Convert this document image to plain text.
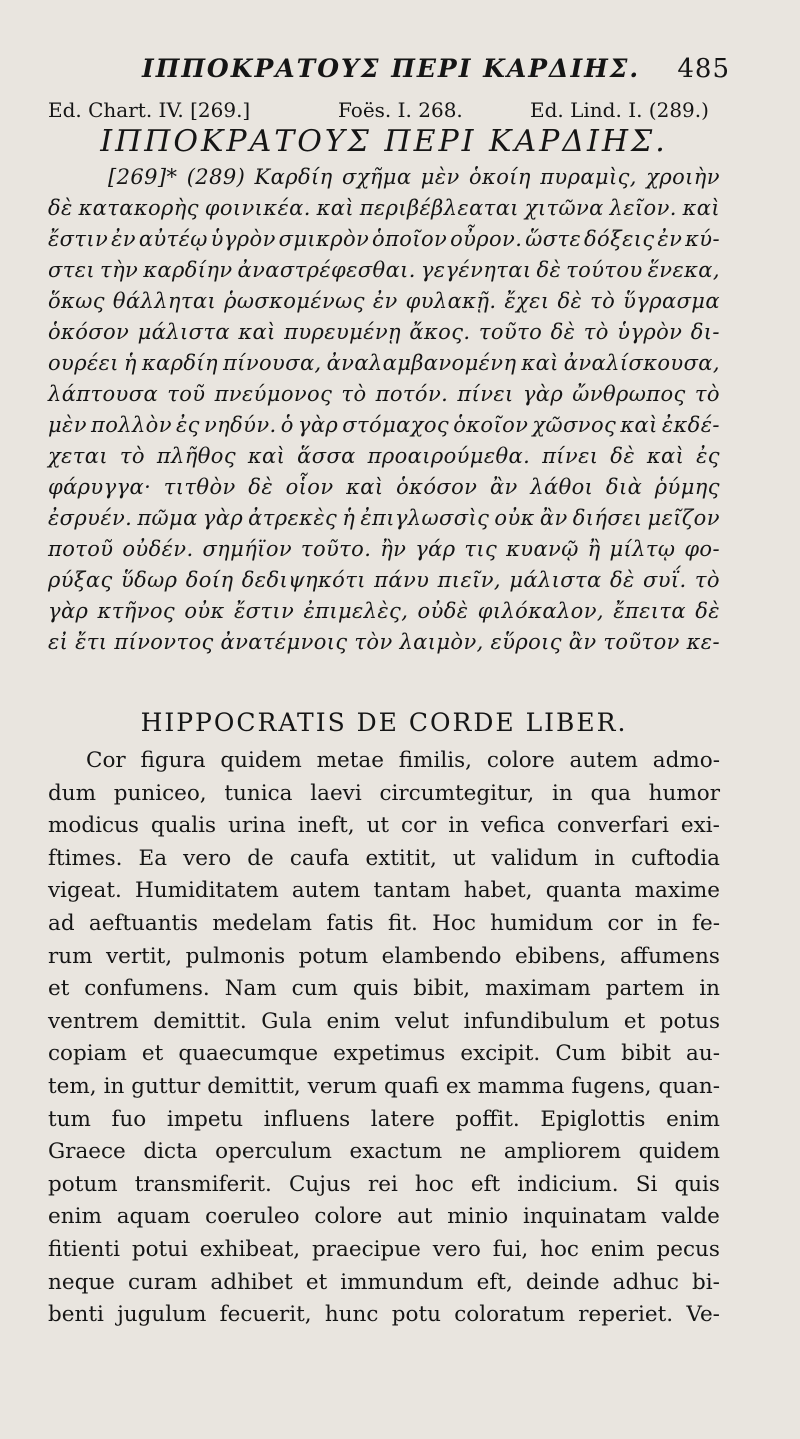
ΙΠΠΟΚΡΑΤΟΥΣ ΠΕΡΙ ΚΑΡΔΙΗΣ. 485
Ed. Chart. IV. [269.]	Foës. I. 268.	Ed. Lind. I. (289.)
ΙΠΠΟΚΡΑΤΟΥΣ ΠΕΡΙ ΚΑΡΔΙΗΣ.
[269]* (289) Καρδίη σχῆμα μὲν ὁκοίη πυραμὶς, χροιὴν
δὲ κατακορὴς φοινικέα. καὶ περιβέβλεαται χιτῶνα λεῖον. καὶ
ἔστιν ἐν αὐτέῳ ὑγρὸν σμικρὸν ὁποῖον οὖρον. ὥστε δόξεις ἐν κύ-
στει τὴν καρδίην ἀναστρέφεσθαι. γεγένηται δὲ τούτου ἕνεκα,
ὅκως θάλληται ῥωσκομένως ἐν φυλακῇ. ἔχει δὲ τὸ ὕγρασμα
ὁκόσον μάλιστα καὶ πυρευμένῃ ἄκος. τοῦτο δὲ τὸ ὑγρὸν δι-
ουρέει ἡ καρδίη πίνουσα, ἀναλαμβανομένη καὶ ἀναλίσκουσα,
λάπτουσα τοῦ πνεύμονος τὸ ποτόν. πίνει γὰρ ὤνθρωπος τὸ
μὲν πολλὸν ἐς νηδύν. ὁ γὰρ στόμαχος ὁκοῖον χῶσνος καὶ ἐκδέ-
χεται τὸ πλῆθος καὶ ἅσσα προαιρούμεθα. πίνει δὲ καὶ ἐς
φάρυγγα· τιτθὸν δὲ οἷον καὶ ὁκόσον ἂν λάθοι διὰ ῥύμης
ἐσρυέν. πῶμα γὰρ ἀτρεκὲς ἡ ἐπιγλωσσὶς οὐκ ἂν διήσει μεῖζον
ποτοῦ οὐδέν. σημήϊον τοῦτο. ἢν γάρ τις κυανῷ ἢ μίλτῳ φο-
ρύξας ὕδωρ δοίη δεδιψηκότι πάνυ πιεῖν, μάλιστα δὲ συΐ. τὸ
γὰρ κτῆνος οὐκ ἔστιν ἐπιμελὲς, οὐδὲ φιλόκαλον, ἔπειτα δὲ
εἰ ἔτι πίνοντος ἀνατέμνοις τὸν λαιμὸν, εὕροις ἂν τοῦτον κε-
HIPPOCRATIS DE CORDE LIBER.
Cor figura quidem metae fimilis, colore autem admo-
dum puniceo, tunica laevi circumtegitur, in qua humor
modicus qualis urina ineft, ut cor in vefica converfari exi-
ftimes. Ea vero de caufa extitit, ut validum in cuftodia
vigeat. Humiditatem autem tantam habet, quanta maxime
ad aeftuantis medelam fatis fit. Hoc humidum cor in fe-
rum vertit, pulmonis potum elambendo ebibens, affumens
et confumens. Nam cum quis bibit, maximam partem in
ventrem demittit. Gula enim velut infundibulum et potus
copiam et quaecumque expetimus excipit. Cum bibit au-
tem, in guttur demittit, verum quafi ex mamma fugens, quan-
tum fuo impetu influens latere poffit. Epiglottis enim
Graece dicta operculum exactum ne ampliorem quidem
potum transmiferit. Cujus rei hoc eft indicium. Si quis
enim aquam coeruleo colore aut minio inquinatam valde
fitienti potui exhibeat, praecipue vero fui, hoc enim pecus
neque curam adhibet et immundum eft, deinde adhuc bi-
benti jugulum fecuerit, hunc potu coloratum reperiet. Ve-
